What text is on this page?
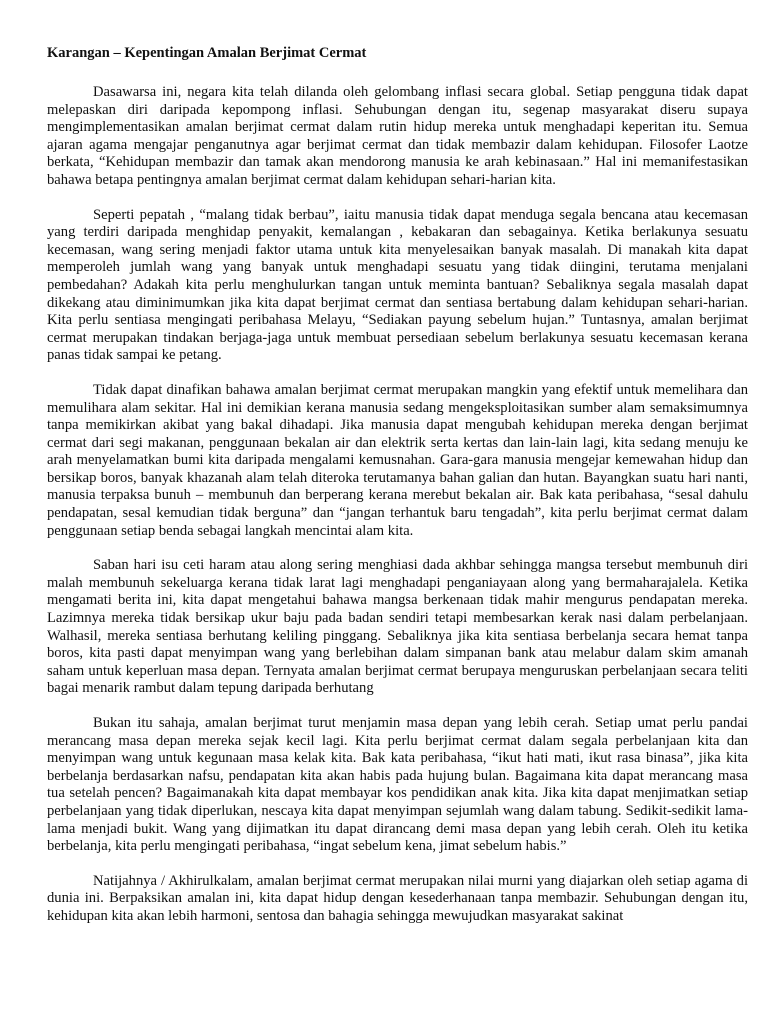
Karangan – Kepentingan Amalan Berjimat Cermat

Dasawarsa ini, negara kita telah dilanda oleh gelombang inflasi secara global. Setiap pengguna tidak dapat melepaskan diri daripada kepompong inflasi. Sehubungan dengan itu, segenap masyarakat diseru supaya mengimplementasikan amalan berjimat cermat dalam rutin hidup mereka untuk menghadapi keperitan itu. Semua ajaran agama mengajar penganutnya agar berjimat cermat dan tidak membazir dalam kehidupan. Filosofer Laotze berkata, “Kehidupan membazir dan tamak akan mendorong manusia ke arah kebinasaan.” Hal ini memanifestasikan bahawa betapa pentingnya amalan berjimat cermat dalam kehidupan sehari-harian kita.

Seperti pepatah , “malang tidak berbau”, iaitu manusia tidak dapat menduga segala bencana atau kecemasan yang terdiri daripada menghidap penyakit, kemalangan , kebakaran dan sebagainya. Ketika berlakunya sesuatu kecemasan, wang sering menjadi faktor utama untuk kita menyelesaikan banyak masalah. Di manakah kita dapat memperoleh jumlah wang yang banyak untuk menghadapi sesuatu yang tidak diingini, terutama menjalani pembedahan? Adakah kita perlu menghulurkan tangan untuk meminta bantuan? Sebaliknya segala masalah dapat dikekang atau diminimumkan jika kita dapat berjimat cermat dan sentiasa bertabung dalam kehidupan sehari-harian. Kita perlu sentiasa mengingati peribahasa Melayu, “Sediakan payung sebelum hujan.” Tuntasnya, amalan berjimat cermat merupakan tindakan berjaga-jaga untuk membuat persediaan sebelum berlakunya sesuatu kecemasan kerana panas tidak sampai ke petang.

Tidak dapat dinafikan bahawa amalan berjimat cermat merupakan mangkin yang efektif untuk memelihara dan memulihara alam sekitar. Hal ini demikian kerana manusia sedang mengeksploitasikan sumber alam semaksimumnya tanpa memikirkan akibat yang bakal dihadapi. Jika manusia dapat mengubah kehidupan mereka dengan berjimat cermat dari segi makanan, penggunaan bekalan air dan elektrik serta kertas dan lain-lain lagi, kita sedang menuju ke arah menyelamatkan bumi kita daripada mengalami kemusnahan. Gara-gara manusia mengejar kemewahan hidup dan bersikap boros, banyak khazanah alam telah diteroka terutamanya bahan galian dan hutan. Bayangkan suatu hari nanti, manusia terpaksa bunuh – membunuh dan berperang kerana merebut bekalan air. Bak kata peribahasa, “sesal dahulu pendapatan, sesal kemudian tidak berguna” dan “jangan terhantuk baru tengadah”, kita perlu berjimat cermat dalam penggunaan setiap benda sebagai langkah mencintai alam kita.

Saban hari isu ceti haram atau along sering menghiasi dada akhbar sehingga mangsa tersebut membunuh diri malah membunuh sekeluarga kerana tidak larat lagi menghadapi penganiayaan along yang bermaharajalela. Ketika mengamati berita ini, kita dapat mengetahui bahawa mangsa berkenaan tidak mahir mengurus pendapatan mereka. Lazimnya mereka tidak bersikap ukur baju pada badan sendiri tetapi membesarkan kerak nasi dalam perbelanjaan. Walhasil, mereka sentiasa berhutang keliling pinggang. Sebaliknya jika kita sentiasa berbelanja secara hemat tanpa boros, kita pasti dapat menyimpan wang yang berlebihan dalam simpanan bank atau melabur dalam skim amanah saham untuk keperluan masa depan. Ternyata amalan berjimat cermat berupaya menguruskan perbelanjaan secara teliti bagai menarik rambut dalam tepung daripada berhutang

Bukan itu sahaja, amalan berjimat turut menjamin masa depan yang lebih cerah. Setiap umat perlu pandai merancang masa depan mereka sejak kecil lagi. Kita perlu berjimat cermat dalam segala perbelanjaan kita dan menyimpan wang untuk kegunaan masa kelak kita. Bak kata peribahasa, “ikut hati mati, ikut rasa binasa”, jika kita berbelanja berdasarkan nafsu, pendapatan kita akan habis pada hujung bulan. Bagaimana kita dapat merancang masa tua setelah pencen? Bagaimanakah kita dapat membayar kos pendidikan anak kita. Jika kita dapat menjimatkan setiap perbelanjaan yang tidak diperlukan, nescaya kita dapat menyimpan sejumlah wang dalam tabung. Sedikit-sedikit lama-lama menjadi bukit. Wang yang dijimatkan itu dapat dirancang demi masa depan yang lebih cerah. Oleh itu ketika berbelanja, kita perlu mengingati peribahasa, “ingat sebelum kena, jimat sebelum habis.”

Natijahnya / Akhirulkalam, amalan berjimat cermat merupakan nilai murni yang diajarkan oleh setiap agama di dunia ini. Berpaksikan amalan ini, kita dapat hidup dengan kesederhanaan tanpa membazir. Sehubungan dengan itu, kehidupan kita akan lebih harmoni, sentosa dan bahagia sehingga mewujudkan masyarakat sakinat
